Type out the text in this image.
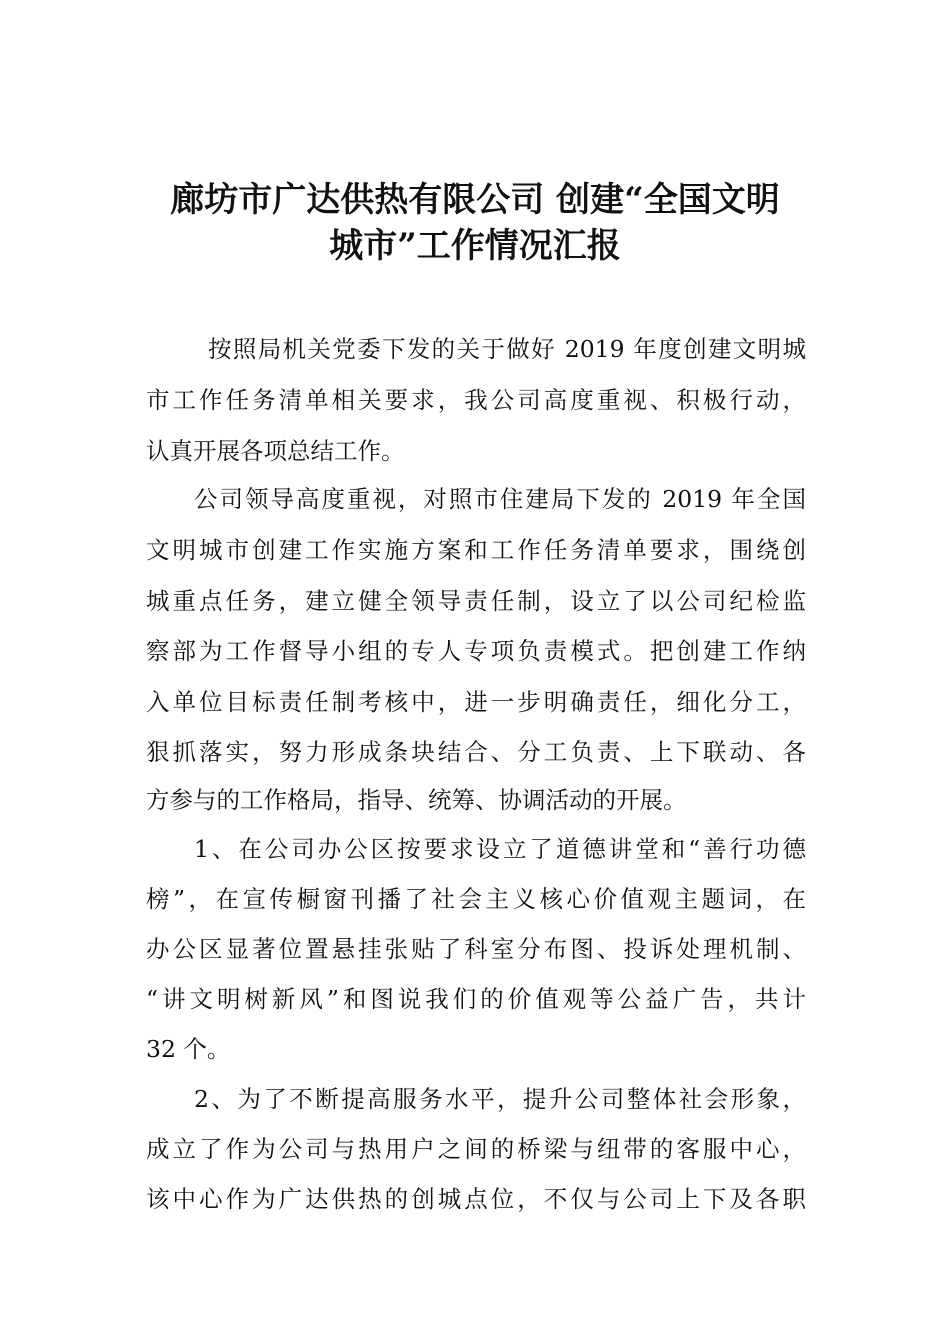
廊坊市广达供热有限公司 创建“全国文明
城市”工作情况汇报
按照局机关党委下发的关于做好 2019 年度创建文明城
市工作任务清单相关要求，我公司高度重视、积极行动，
认真开展各项总结工作。
公司领导高度重视，对照市住建局下发的 2019 年全国
文明城市创建工作实施方案和工作任务清单要求，围绕创
城重点任务，建立健全领导责任制，设立了以公司纪检监
察部为工作督导小组的专人专项负责模式。把创建工作纳
入单位目标责任制考核中，进一步明确责任，细化分工，
狠抓落实，努力形成条块结合、分工负责、上下联动、各
方参与的工作格局，指导、统筹、协调活动的开展。
1、在公司办公区按要求设立了道德讲堂和“善行功德
榜”，在宣传橱窗刊播了社会主义核心价值观主题词，在
办公区显著位置悬挂张贴了科室分布图、投诉处理机制、
“讲文明树新风”和图说我们的价值观等公益广告，共计
32 个。
2、为了不断提高服务水平，提升公司整体社会形象，
成立了作为公司与热用户之间的桥梁与纽带的客服中心，
该中心作为广达供热的创城点位，不仅与公司上下及各职
